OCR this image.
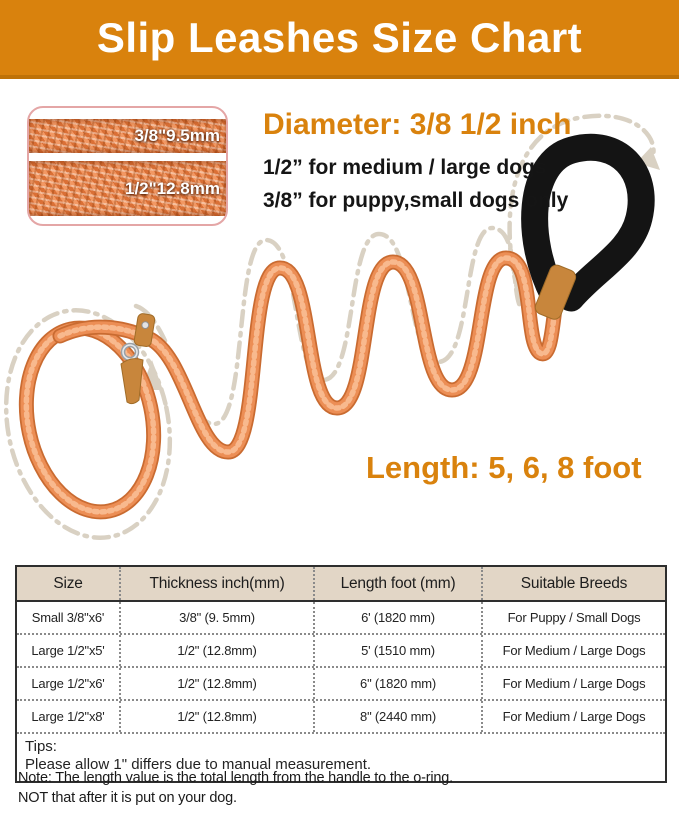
Slip Leashes Size Chart
3/8"9.5mm
1/2"12.8mm

Diameter: 3/8 1/2 inch

1/2” for medium / large dogs

3/8” for puppy,small dogs only

Length: 5, 6, 8 foot
Size	Thickness inch(mm)	Length foot (mm)	Suitable Breeds
Small 3/8"x6'	3/8" (9. 5mm)	6' (1820 mm)	For Puppy / Small Dogs
Large 1/2"x5'	1/2" (12.8mm)	5' (1510 mm)	For Medium / Large Dogs
Large 1/2"x6'	1/2" (12.8mm)	6" (1820 mm)	For Medium / Large Dogs
Large 1/2"x8'	1/2" (12.8mm)	8" (2440 mm)	For Medium / Large Dogs

Tips:

Please allow 1" differs due to manual measurement.

Note: The length value is the total length from the handle to the o-ring.

NOT that after it is put on your dog.
